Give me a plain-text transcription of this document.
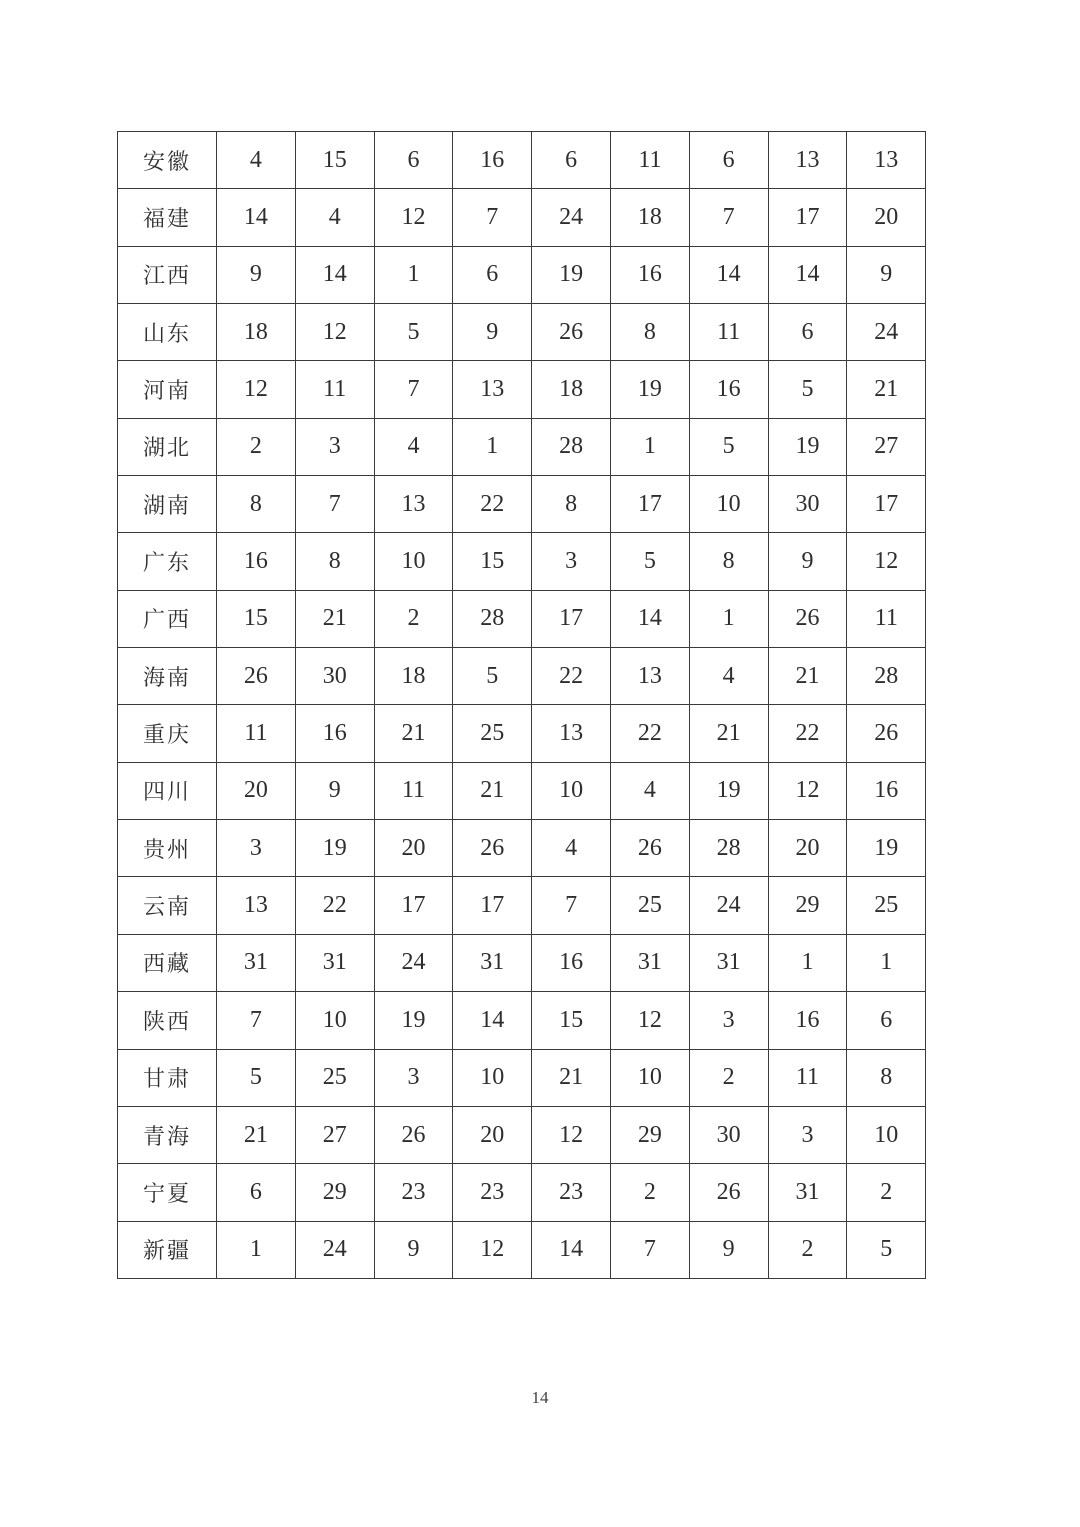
安徽	4	15	6	16	6	11	6	13	13
福建	14	4	12	7	24	18	7	17	20
江西	9	14	1	6	19	16	14	14	9
山东	18	12	5	9	26	8	11	6	24
河南	12	11	7	13	18	19	16	5	21
湖北	2	3	4	1	28	1	5	19	27
湖南	8	7	13	22	8	17	10	30	17
广东	16	8	10	15	3	5	8	9	12
广西	15	21	2	28	17	14	1	26	11
海南	26	30	18	5	22	13	4	21	28
重庆	11	16	21	25	13	22	21	22	26
四川	20	9	11	21	10	4	19	12	16
贵州	3	19	20	26	4	26	28	20	19
云南	13	22	17	17	7	25	24	29	25
西藏	31	31	24	31	16	31	31	1	1
陕西	7	10	19	14	15	12	3	16	6
甘肃	5	25	3	10	21	10	2	11	8
青海	21	27	26	20	12	29	30	3	10
宁夏	6	29	23	23	23	2	26	31	2
新疆	1	24	9	12	14	7	9	2	5
14
